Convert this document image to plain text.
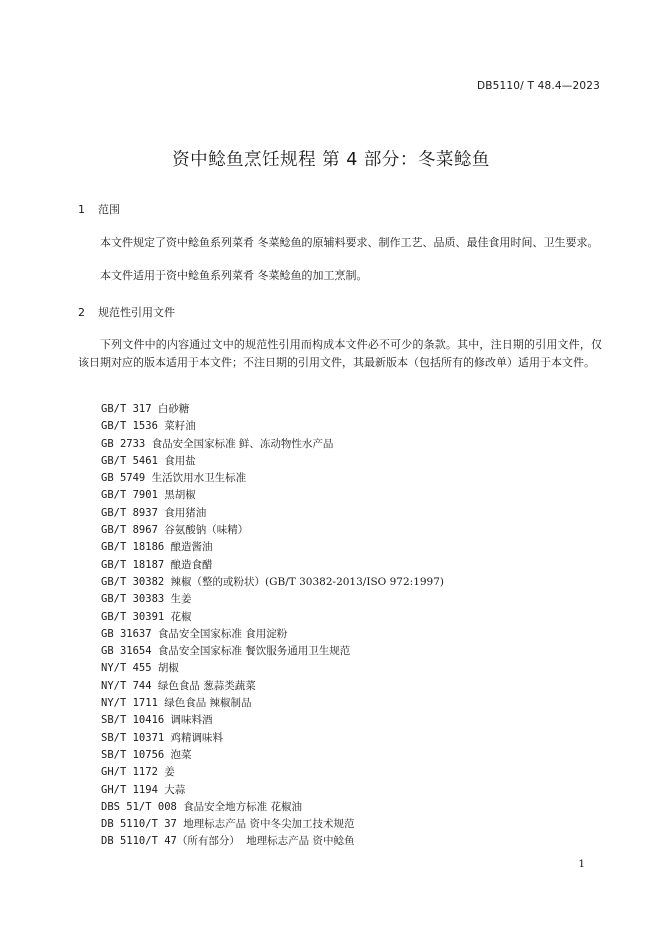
DB5110/ T 48.4—2023
资中鲶鱼烹饪规程 第 4 部分：冬菜鲶鱼
1 范围
本文件规定了资中鲶鱼系列菜肴 冬菜鲶鱼的原辅料要求、制作工艺、品质、最佳食用时间、卫生要求。
本文件适用于资中鲶鱼系列菜肴 冬菜鲶鱼的加工烹制。
2 规范性引用文件
下列文件中的内容通过文中的规范性引用而构成本文件必不可少的条款。其中，注日期的引用文件，仅该日期对应的版本适用于本文件；不注日期的引用文件，其最新版本（包括所有的修改单）适用于本文件。
GB/T 317 白砂糖
GB/T 1536 菜籽油
GB 2733 食品安全国家标准 鲜、冻动物性水产品
GB/T 5461 食用盐
GB 5749 生活饮用水卫生标准
GB/T 7901 黑胡椒
GB/T 8937 食用猪油
GB/T 8967 谷氨酸钠（味精）
GB/T 18186 酿造酱油
GB/T 18187 酿造食醋
GB/T 30382 辣椒（整的或粉状）(GB/T 30382-2013/ISO 972:1997)
GB/T 30383 生姜
GB/T 30391 花椒
GB 31637 食品安全国家标准 食用淀粉
GB 31654 食品安全国家标准 餐饮服务通用卫生规范
NY/T 455 胡椒
NY/T 744 绿色食品 葱蒜类蔬菜
NY/T 1711 绿色食品 辣椒制品
SB/T 10416 调味料酒
SB/T 10371 鸡精调味料
SB/T 10756 泡菜
GH/T 1172 姜
GH/T 1194 大蒜
DBS 51/T 008 食品安全地方标准 花椒油
DB 5110/T 37 地理标志产品 资中冬尖加工技术规范
DB 5110/T 47（所有部分） 地理标志产品 资中鲶鱼
1
